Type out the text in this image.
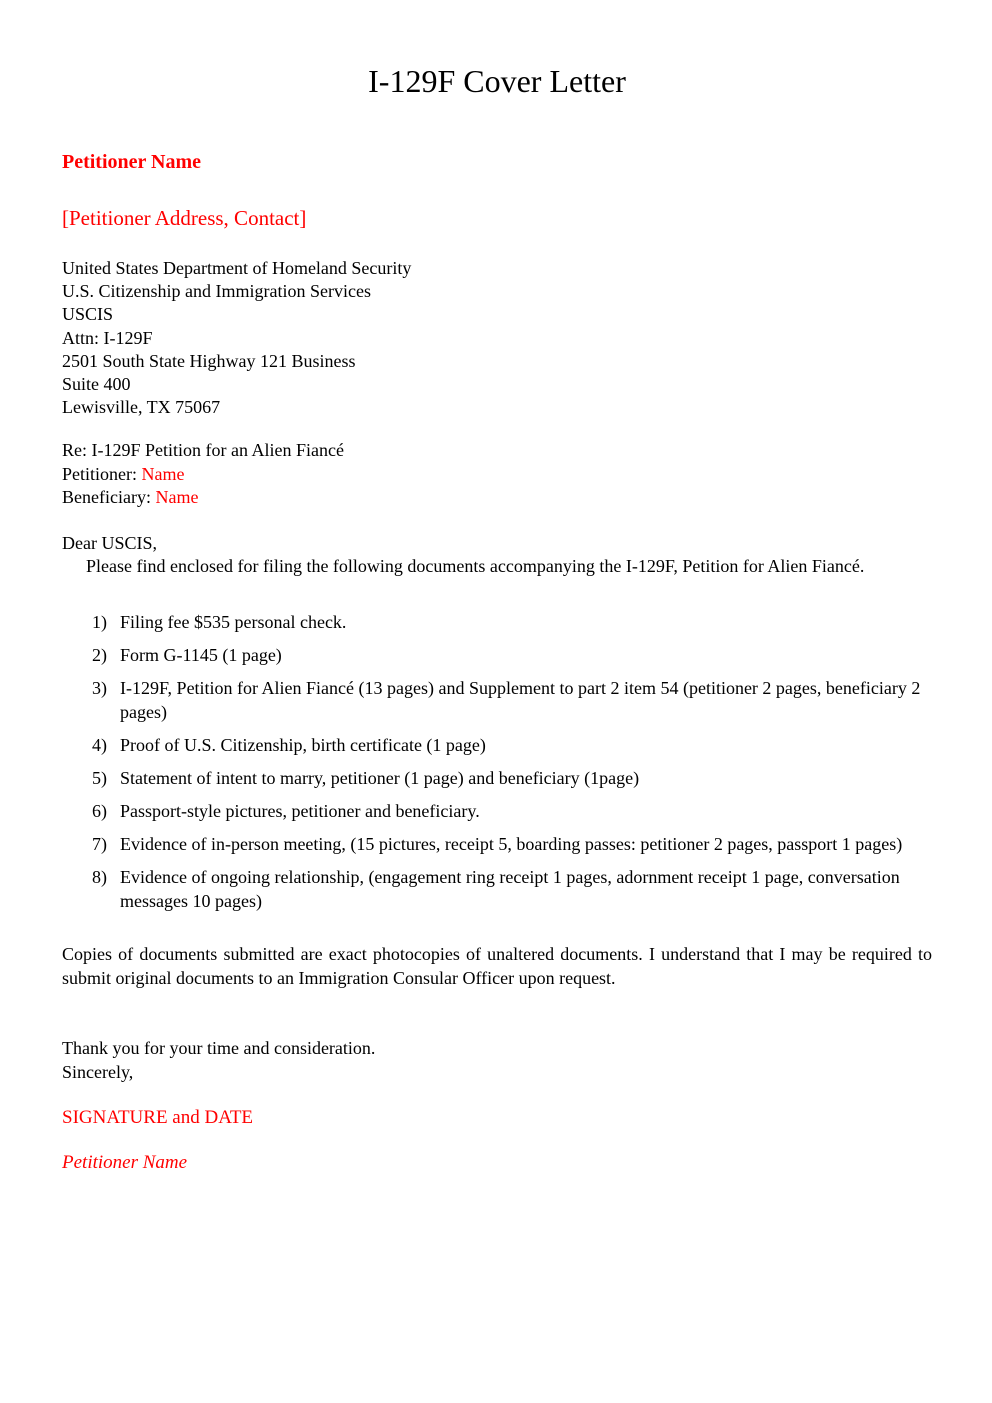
I-129F Cover Letter
Petitioner Name
[Petitioner Address, Contact]
United States Department of Homeland Security
U.S. Citizenship and Immigration Services
USCIS
Attn: I-129F
2501 South State Highway 121 Business
Suite 400
Lewisville, TX 75067
Re: I-129F Petition for an Alien Fiancé
Petitioner: Name
Beneficiary: Name
Dear USCIS,

Please find enclosed for filing the following documents accompanying the I-129F, Petition for Alien Fiancé.

Filing fee $535 personal check.
Form G-1145 (1 page)
I-129F, Petition for Alien Fiancé (13 pages) and Supplement to part 2 item 54 (petitioner 2 pages, beneficiary 2 pages)
Proof of U.S. Citizenship, birth certificate (1 page)
Statement of intent to marry, petitioner (1 page) and beneficiary (1page)
Passport-style pictures, petitioner and beneficiary.
Evidence of in-person meeting, (15 pictures, receipt 5, boarding passes: petitioner 2 pages, passport 1 pages)
Evidence of ongoing relationship, (engagement ring receipt 1 pages, adornment receipt 1 page, conversation messages 10 pages)

Copies of documents submitted are exact photocopies of unaltered documents. I understand that I may be required to submit original documents to an Immigration Consular Officer upon request.

Thank you for your time and consideration.
Sincerely,
SIGNATURE and DATE
Petitioner Name
